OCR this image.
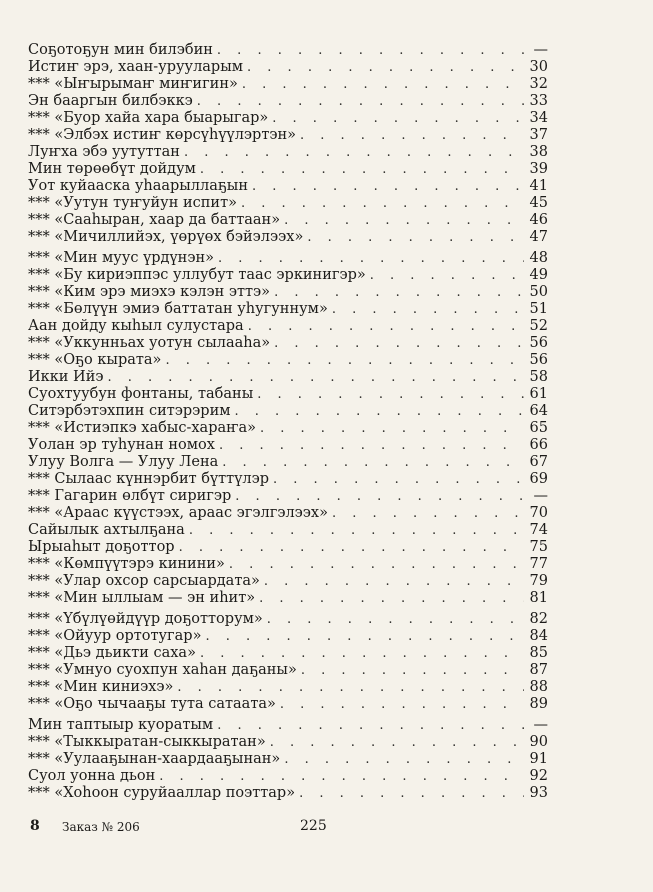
Соҕотоҕун мин билэбин . . .	—
Истиҥ эрэ, хаан-урууларым . . .	30
*** «Ыҥырымаҥ миҥигин» . . .	32
Эн бааргын билбэккэ . . .	33
*** «Буор хайа хара быарыгар» . . .	34
*** «Элбэх истиҥ көрсүһүүлэртэн» . . .	37
Луҥха эбэ уутуттан . . .	38
Мин төрөөбүт дойдум . . .	39
Уот куйааска уһаарыллаҕын . . .	41
*** «Уутун туҥуйун испит» . . .	45
*** «Сааһыран, хаар да баттаан» . . .	46
*** «Мичиллийэх, үөрүөх бэйэлээх» . . .	47
*** «Мин муус үрдүнэн» . . .	48
*** «Бу кириэппэс уллубут таас эркинигэр» . . .	49
*** «Ким эрэ миэхэ кэлэн эттэ» . . .	50
*** «Бөлүүн эмиэ баттатан уһугуннум» . . .	51
Аан дойду кыһыл сулустара . . .	52
*** «Уккунньах уотун сылааһа» . . .	56
*** «Оҕо кырата» . . .	56
Икки Ийэ . . .	58
Суохтуубун фонтаны, табаны . . .	61
Ситэрбэтэхпин ситэрэрим . . .	64
*** «Истиэпкэ хабыс-хараҥа» . . .	65
Уолан эр туһунан номох . . .	66
Улуу Волга — Улуу Лена . . .	67
*** Сылаас күннэрбит бүттүлэр . . .	69
*** Гагарин өлбүт сиригэр . . .	—
*** «Араас күүстээх, араас эгэлгэлээх» . . .	70
Сайылык ахтылҕана . . .	74
Ырыаһыт доҕоттор . . .	75
*** «Көмпүүтэрэ кинини» . . .	77
*** «Улар охсор сарсыардата» . . .	79
*** «Мин ыллыам — эн иһит» . . .	81
*** «Үбүлүөйдүүр доҕотторум» . . .	82
*** «Ойуур ортотугар» . . .	84
*** «Дьэ дьикти саха» . . .	85
*** «Умнуо суохпун хаһан даҕаны» . . .	87
*** «Мин киниэхэ» . . .	88
*** «Оҕо чычааҕы тута сатаата» . . .	89
Мин таптыыр куоратым . . .	—
*** «Тыккыратан-сыккыратан» . . .	90
*** «Уулааҕынан-хаардааҕынан» . . .	91
Суол уонна дьон . . .	92
*** «Хоһоон суруйааллар поэттар» . . .	93
8 Заказ № 206	225
